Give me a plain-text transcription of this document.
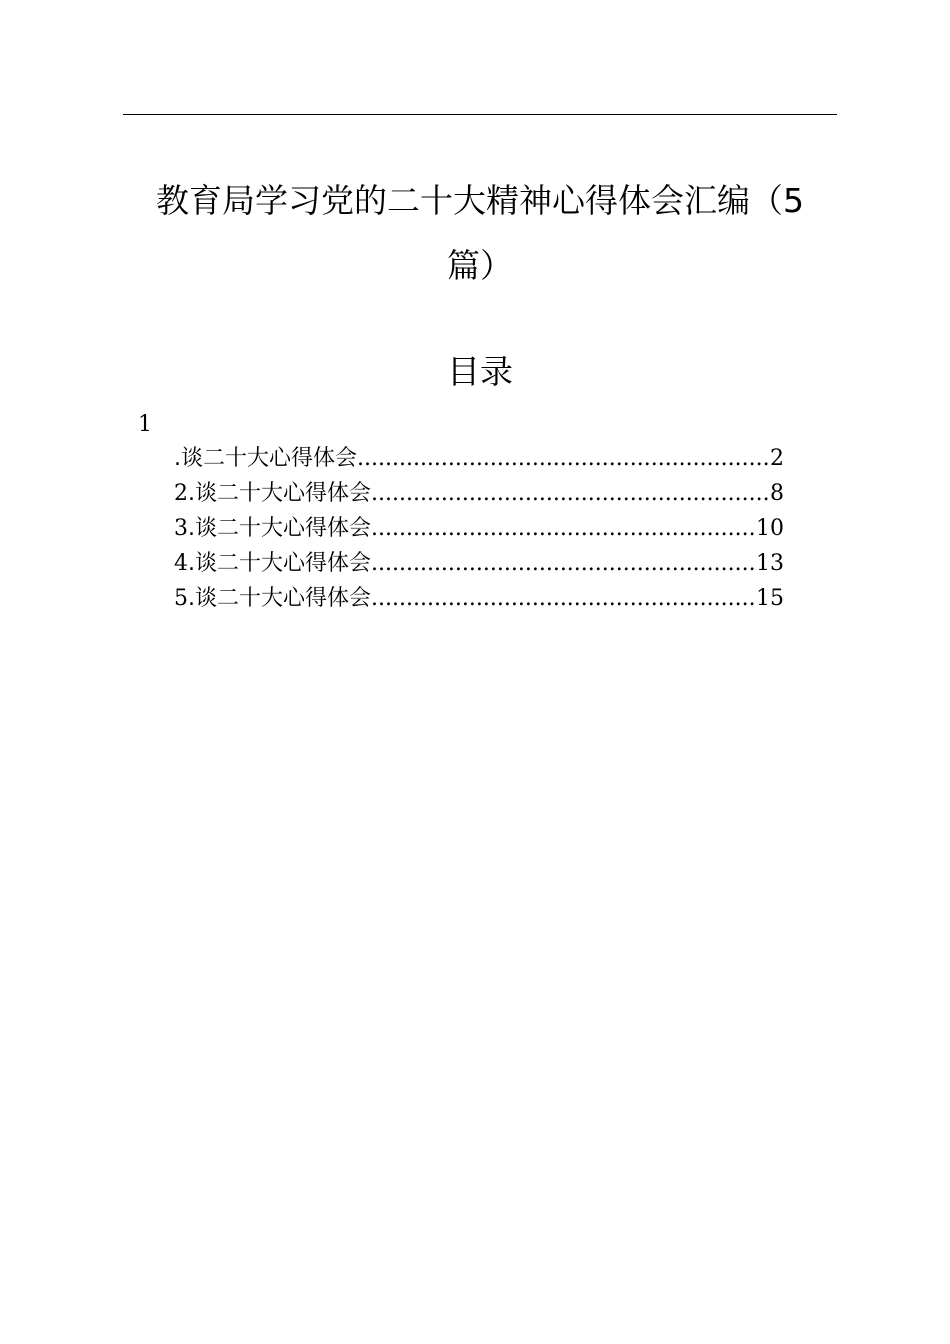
教育局学习党的二十大精神心得体会汇编（5
篇）
目录
1
.谈二十大心得体会 .....	2
2 .谈二十大心得体会 .....	8
3 .谈二十大心得体会 .....	10
4 .谈二十大心得体会 .....	13
5 .谈二十大心得体会 .....	15
